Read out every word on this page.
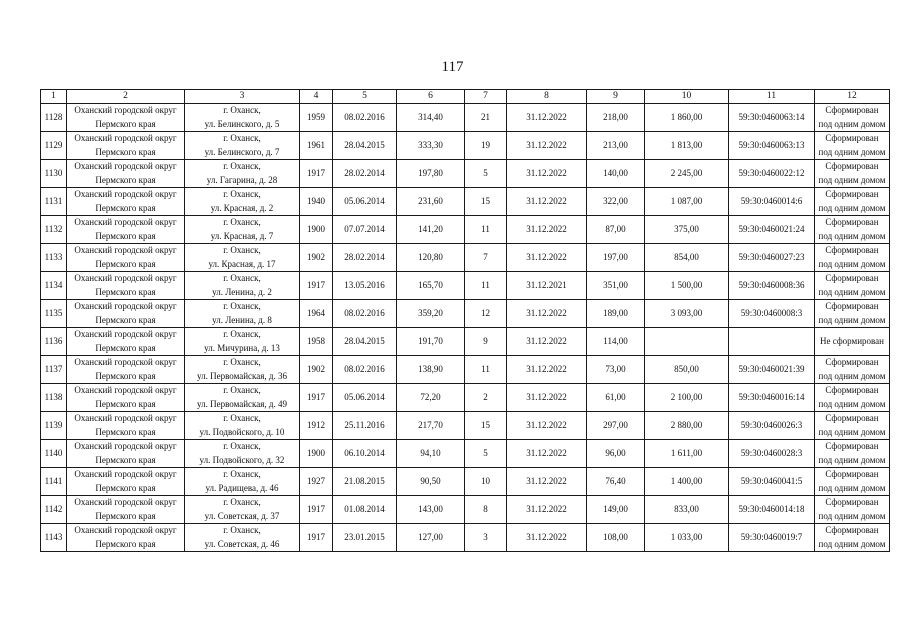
117
1	2	3	4	5	6	7	8	9	10	11	12
1128	Оханский городской округ
Пермского края	г. Оханск,
ул. Белинского, д. 5	1959	08.02.2016	314,40	21	31.12.2022	218,00	1 860,00	59:30:0460063:14	Сформирован
под одним домом

1129	Оханский городской округ
Пермского края	г. Оханск,
ул. Белинского, д. 7	1961	28.04.2015	333,30	19	31.12.2022	213,00	1 813,00	59:30:0460063:13	Сформирован
под одним домом

1130	Оханский городской округ
Пермского края	г. Оханск,
ул. Гагарина, д. 28	1917	28.02.2014	197,80	5	31.12.2022	140,00	2 245,00	59:30:0460022:12	Сформирован
под одним домом

1131	Оханский городской округ
Пермского края	г. Оханск,
ул. Красная, д. 2	1940	05.06.2014	231,60	15	31.12.2022	322,00	1 087,00	59:30:0460014:6	Сформирован
под одним домом

1132	Оханский городской округ
Пермского края	г. Оханск,
ул. Красная, д. 7	1900	07.07.2014	141,20	11	31.12.2022	87,00	375,00	59:30:0460021:24	Сформирован
под одним домом

1133	Оханский городской округ
Пермского края	г. Оханск,
ул. Красная, д. 17	1902	28.02.2014	120,80	7	31.12.2022	197,00	854,00	59:30:0460027:23	Сформирован
под одним домом

1134	Оханский городской округ
Пермского края	г. Оханск,
ул. Ленина, д. 2	1917	13.05.2016	165,70	11	31.12.2021	351,00	1 500,00	59:30:0460008:36	Сформирован
под одним домом

1135	Оханский городской округ
Пермского края	г. Оханск,
ул. Ленина, д. 8	1964	08.02.2016	359,20	12	31.12.2022	189,00	3 093,00	59:30:0460008:3	Сформирован
под одним домом

1136	Оханский городской округ
Пермского края	г. Оханск,
ул. Мичурина, д. 13	1958	28.04.2015	191,70	9	31.12.2022	114,00			Не сформирован

1137	Оханский городской округ
Пермского края	г. Оханск,
ул. Первомайская, д. 36	1902	08.02.2016	138,90	11	31.12.2022	73,00	850,00	59:30:0460021:39	Сформирован
под одним домом

1138	Оханский городской округ
Пермского края	г. Оханск,
ул. Первомайская, д. 49	1917	05.06.2014	72,20	2	31.12.2022	61,00	2 100,00	59:30:0460016:14	Сформирован
под одним домом

1139	Оханский городской округ
Пермского края	г. Оханск,
ул. Подвойского, д. 10	1912	25.11.2016	217,70	15	31.12.2022	297,00	2 880,00	59:30:0460026:3	Сформирован
под одним домом

1140	Оханский городской округ
Пермского края	г. Оханск,
ул. Подвойского, д. 32	1900	06.10.2014	94,10	5	31.12.2022	96,00	1 611,00	59:30:0460028:3	Сформирован
под одним домом

1141	Оханский городской округ
Пермского края	г. Оханск,
ул. Радищева, д. 46	1927	21.08.2015	90,50	10	31.12.2022	76,40	1 400,00	59:30:0460041:5	Сформирован
под одним домом

1142	Оханский городской округ
Пермского края	г. Оханск,
ул. Советская, д. 37	1917	01.08.2014	143,00	8	31.12.2022	149,00	833,00	59:30:0460014:18	Сформирован
под одним домом

1143	Оханский городской округ
Пермского края	г. Оханск,
ул. Советская, д. 46	1917	23.01.2015	127,00	3	31.12.2022	108,00	1 033,00	59:30:0460019:7	Сформирован
под одним домом
